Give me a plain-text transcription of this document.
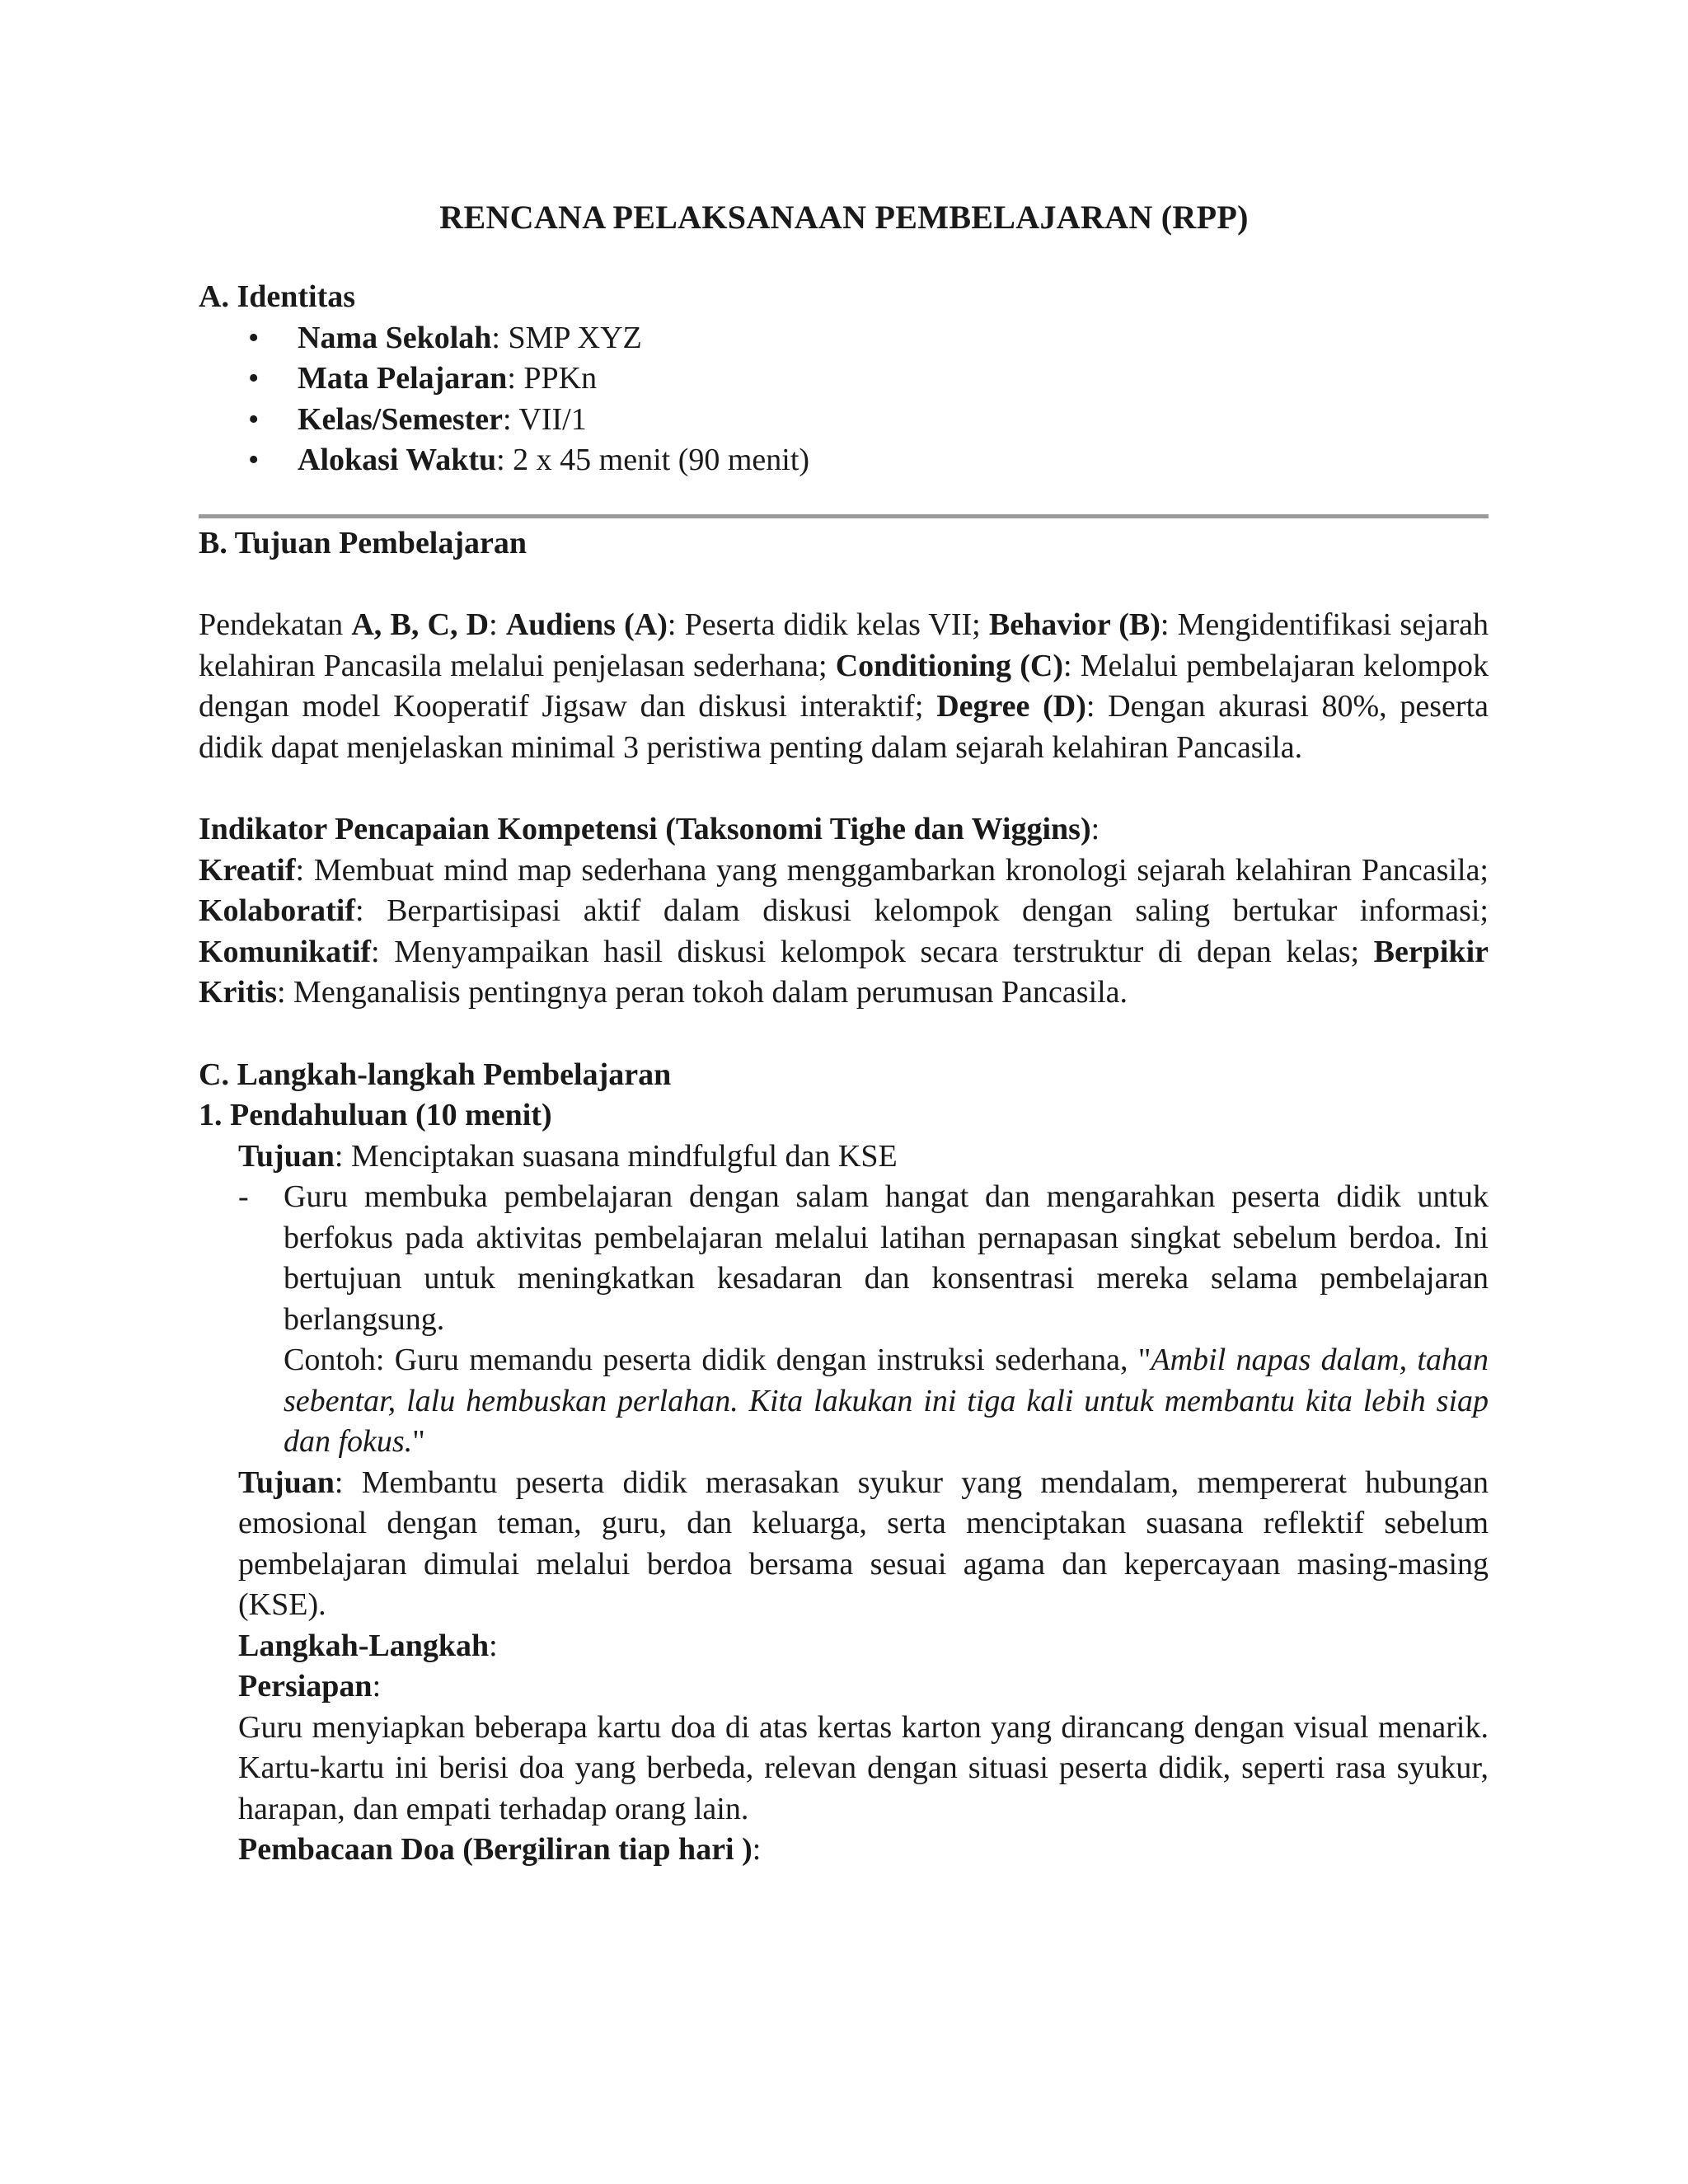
RENCANA PELAKSANAAN PEMBELAJARAN (RPP)

A. Identitas

• Nama Sekolah: SMP XYZ
• Mata Pelajaran: PPKn
• Kelas/Semester: VII/1
• Alokasi Waktu: 2 x 45 menit (90 menit)

B. Tujuan Pembelajaran

Pendekatan A, B, C, D: Audiens (A): Peserta didik kelas VII; Behavior (B): Mengidentifikasi sejarah kelahiran Pancasila melalui penjelasan sederhana; Conditioning (C): Melalui pembelajaran kelompok dengan model Kooperatif Jigsaw dan diskusi interaktif; Degree (D): Dengan akurasi 80%, peserta didik dapat menjelaskan minimal 3 peristiwa penting dalam sejarah kelahiran Pancasila.

Indikator Pencapaian Kompetensi (Taksonomi Tighe dan Wiggins):

Kreatif: Membuat mind map sederhana yang menggambarkan kronologi sejarah kelahiran Pancasila; Kolaboratif: Berpartisipasi aktif dalam diskusi kelompok dengan saling bertukar informasi; Komunikatif: Menyampaikan hasil diskusi kelompok secara terstruktur di depan kelas; Berpikir Kritis: Menganalisis pentingnya peran tokoh dalam perumusan Pancasila.

C. Langkah-langkah Pembelajaran

1. Pendahuluan (10 menit)

Tujuan: Menciptakan suasana mindfulgful dan KSE

- Guru membuka pembelajaran dengan salam hangat dan mengarahkan peserta didik untuk berfokus pada aktivitas pembelajaran melalui latihan pernapasan singkat sebelum berdoa. Ini bertujuan untuk meningkatkan kesadaran dan konsentrasi mereka selama pembelajaran berlangsung.

Contoh: Guru memandu peserta didik dengan instruksi sederhana, "Ambil napas dalam, tahan sebentar, lalu hembuskan perlahan. Kita lakukan ini tiga kali untuk membantu kita lebih siap dan fokus."

Tujuan: Membantu peserta didik merasakan syukur yang mendalam, mempererat hubungan emosional dengan teman, guru, dan keluarga, serta menciptakan suasana reflektif sebelum pembelajaran dimulai melalui berdoa bersama sesuai agama dan kepercayaan masing-masing (KSE).

Langkah-Langkah:

Persiapan:

Guru menyiapkan beberapa kartu doa di atas kertas karton yang dirancang dengan visual menarik. Kartu-kartu ini berisi doa yang berbeda, relevan dengan situasi peserta didik, seperti rasa syukur, harapan, dan empati terhadap orang lain.

Pembacaan Doa (Bergiliran tiap hari ):
